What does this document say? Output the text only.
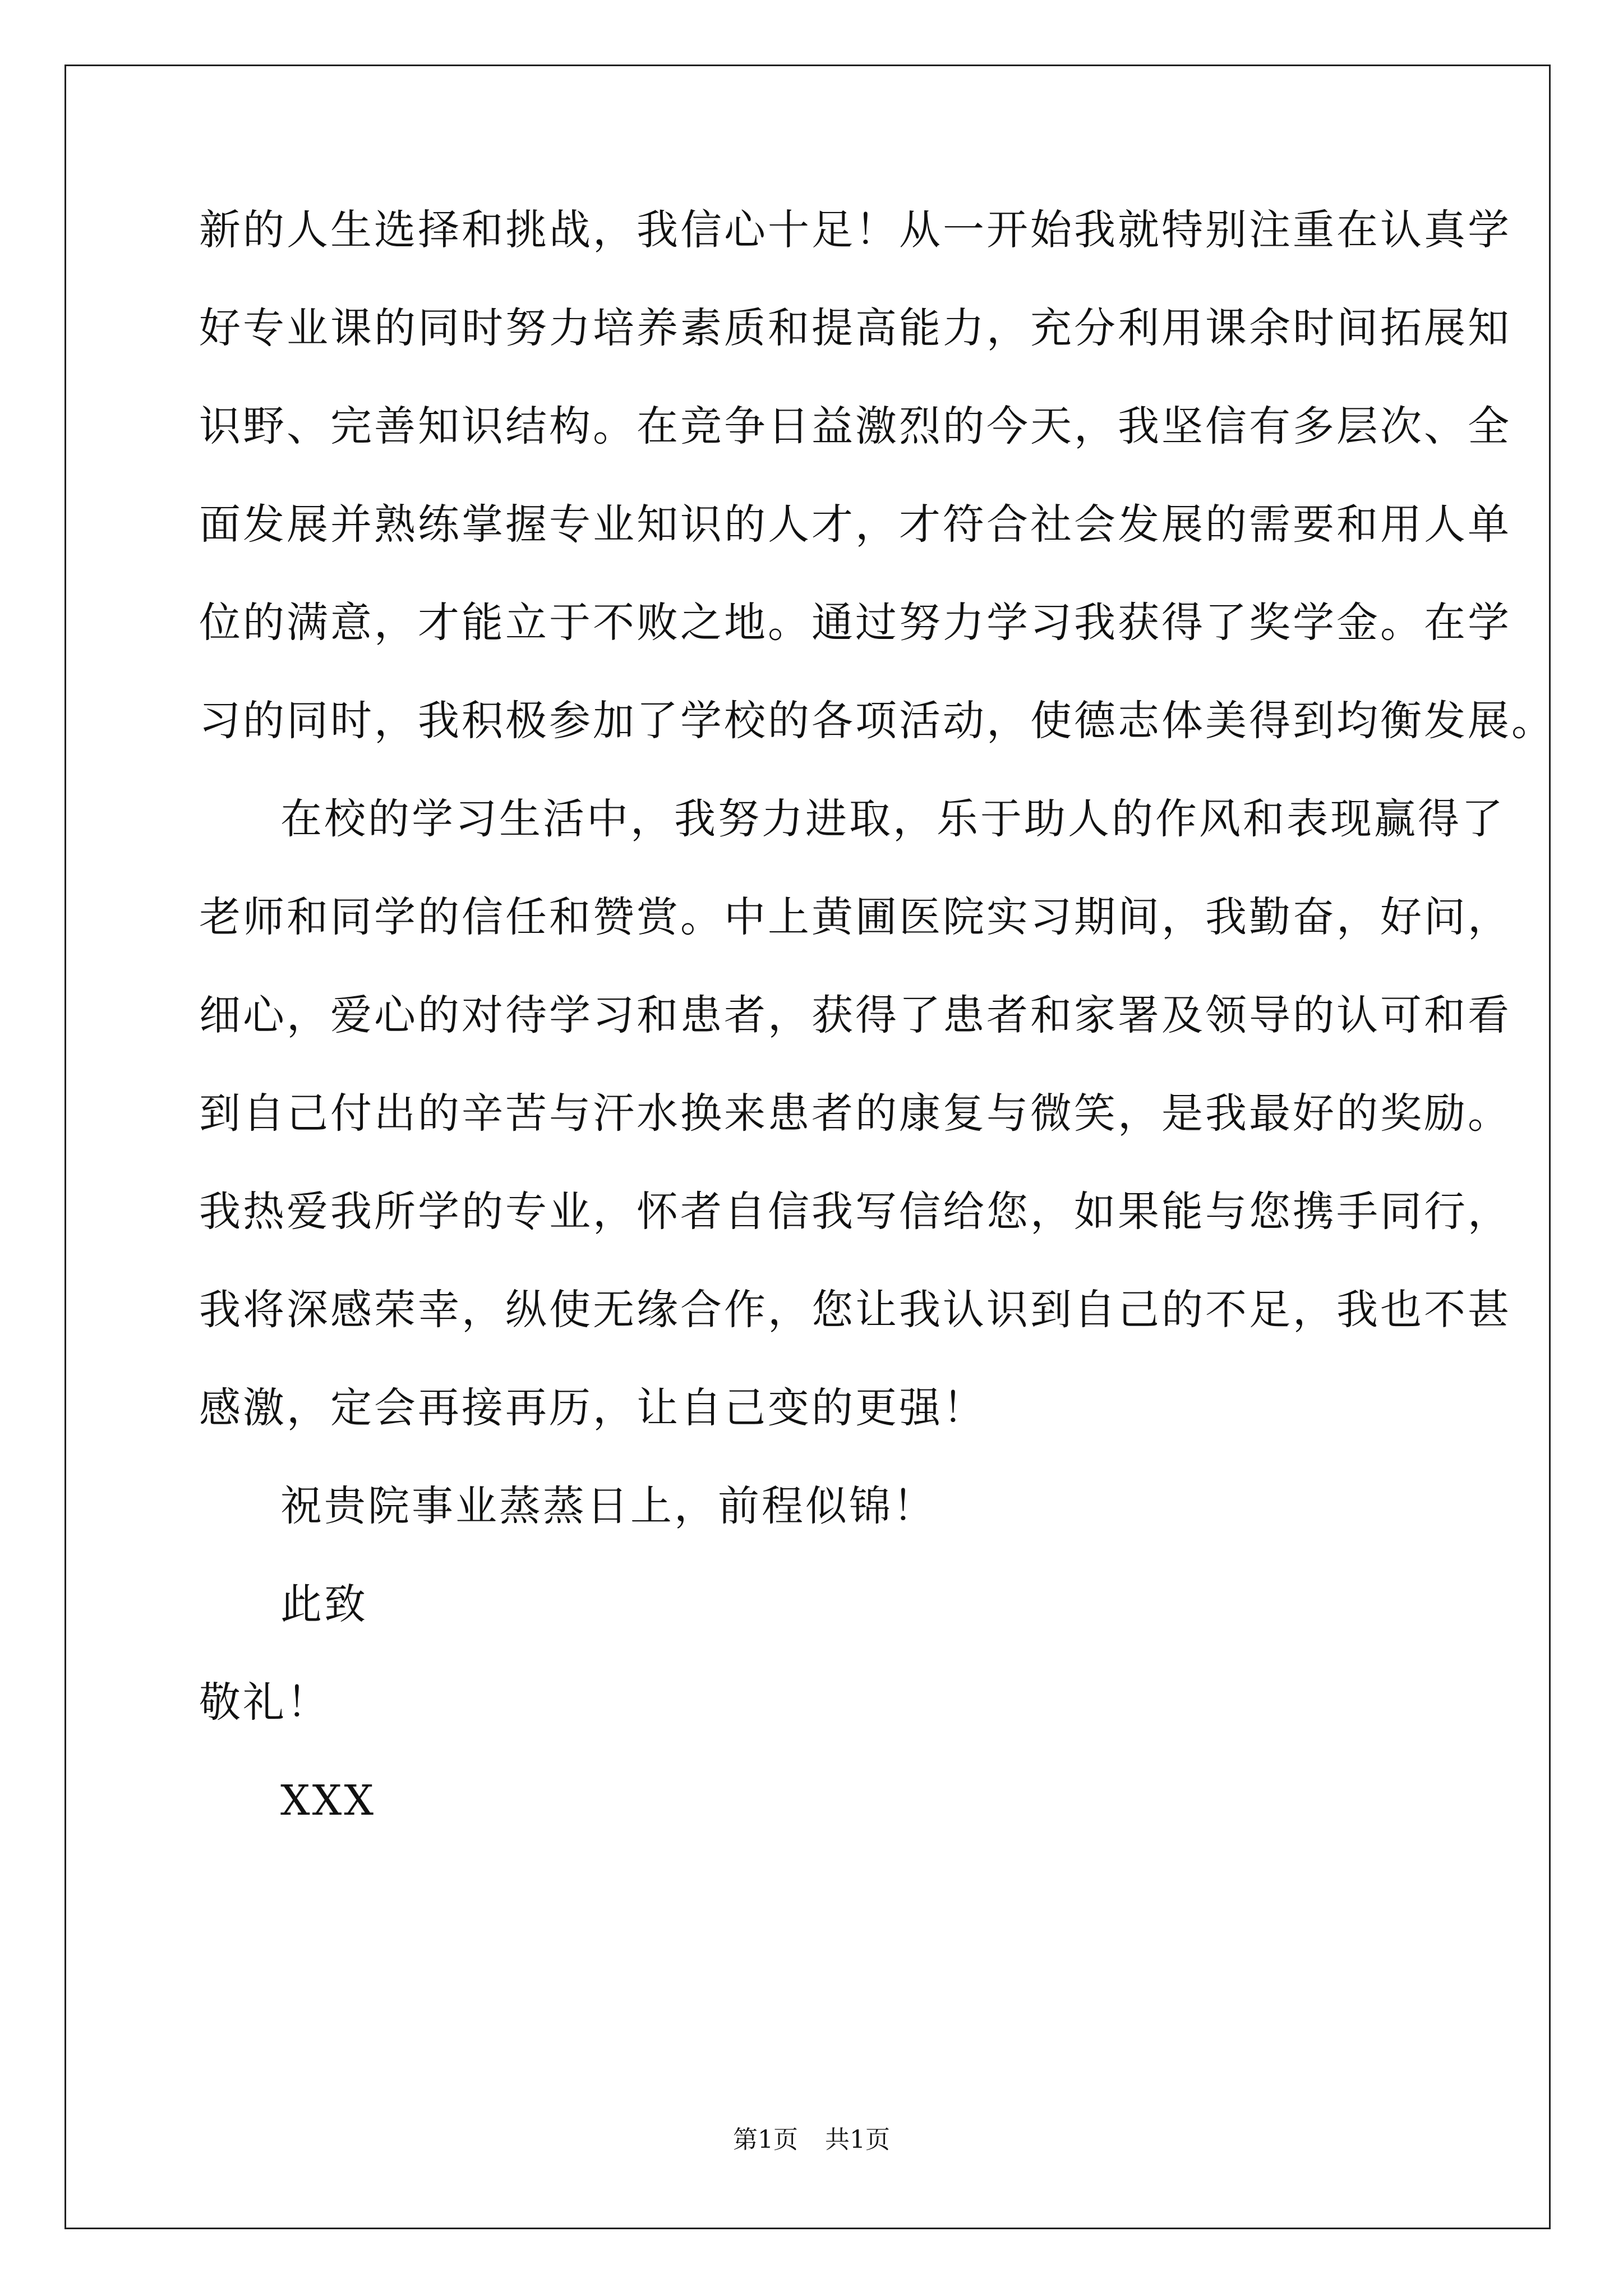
新的人生选择和挑战，我信心十足！从一开始我就特别注重在认真学
好专业课的同时努力培养素质和提高能力，充分利用课余时间拓展知
识野、完善知识结构。在竞争日益激烈的今天，我坚信有多层次、全
面发展并熟练掌握专业知识的人才，才符合社会发展的需要和用人单
位的满意，才能立于不败之地。通过努力学习我获得了奖学金。在学
习的同时，我积极参加了学校的各项活动，使德志体美得到均衡发展。
在校的学习生活中，我努力进取，乐于助人的作风和表现赢得了
老师和同学的信任和赞赏。中上黄圃医院实习期间，我勤奋，好问，
细心，爱心的对待学习和患者，获得了患者和家署及领导的认可和看
到自己付出的辛苦与汗水换来患者的康复与微笑，是我最好的奖励。
我热爱我所学的专业，怀者自信我写信给您，如果能与您携手同行，
我将深感荣幸，纵使无缘合作，您让我认识到自己的不足，我也不甚
感激，定会再接再历，让自己变的更强！
祝贵院事业蒸蒸日上，前程似锦！
此致
敬礼！
XXX
第1页 共1页
